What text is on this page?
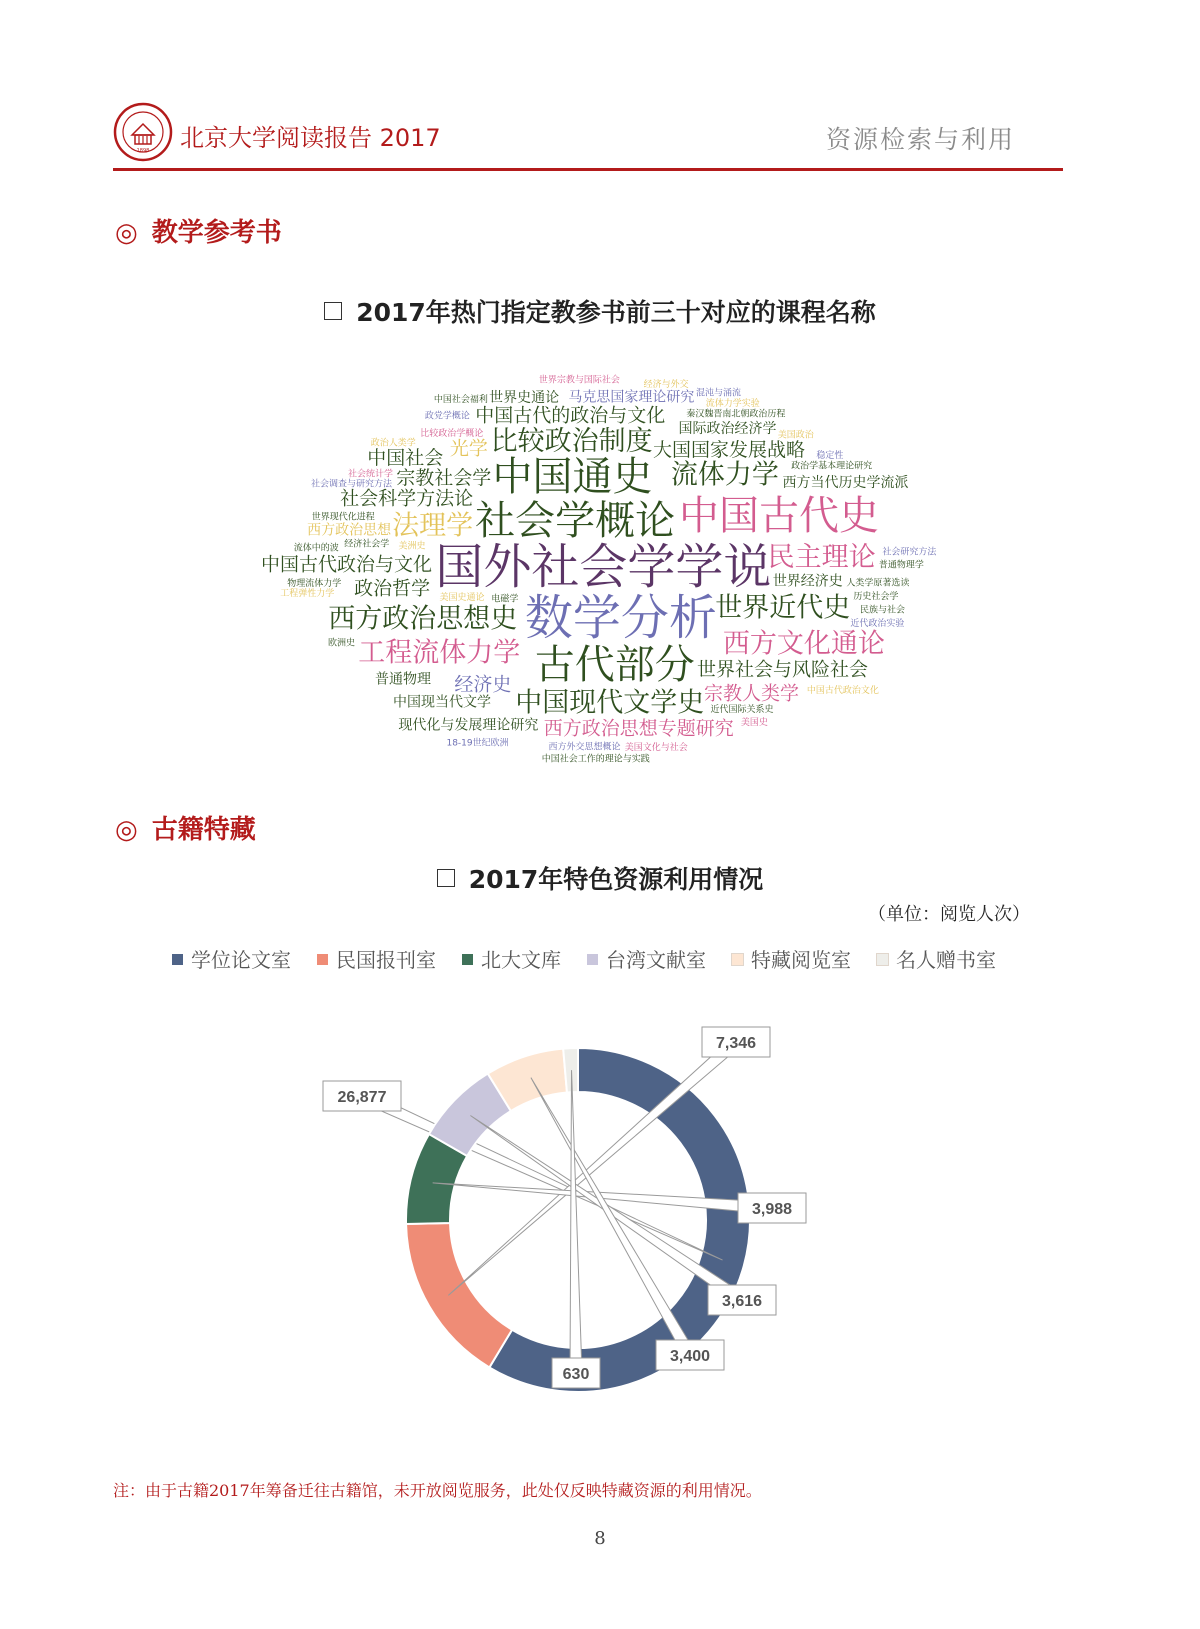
1898 北京大学阅读报告 2017	资源检索与利用
◎ 教学参考书
2017年热门指定教参书前三十对应的课程名称
国外社会学学说
数学分析
社会学概论
中国通史
古代部分
中国古代史
西方政治思想史
流体力学
世界近代史
比较政治制度
法理学
工程流体力学
中国现代文学史
西方文化通论
民主理论
大国国家发展战略
社会科学方法论
中国古代的政治与文化
中国古代政治与文化
世界社会与风险社会
政治哲学
宗教社会学
经济史
光学
西方政治思想专题研究
宗教人类学
中国社会
世界经济史
国际政治经济学
西方政治思想
马克思国家理论研究
中国现当代文学
西方当代历史学流派
普通物理
现代化与发展理论研究
世界史通论
美国史通论
经济社会学
秦汉魏晋南北朝政治历程
世界现代化进程
人类学原著选读
美洲史
比较政治学概论
政治学基本理论研究
近代国际关系史
西方外交思想概论
历史社会学
社会调查与研究方法
物理流体力学
社会统计学
流体中的波
政党学概论
世界宗教与国际社会
美国文化与社会
电磁学
稳定性
民族与社会
政治人类学
18-19世纪欧洲
流体力学实验
工程弹性力学
美国史
近代政治实验
欧洲史
混沌与涌流
美国政治
普通物理学
经济与外交
中国社会工作的理论与实践
中国古代政治文化
中国社会福利
社会研究方法
◎ 古籍特藏
2017年特色资源利用情况
（单位：阅览人次）
学位论文室 民国报刊室 北大文库 台湾文献室 特藏阅览室 名人赠书室
26,877
7,346
3,988
3,616
3,400
630
注：由于古籍2017年筹备迁往古籍馆，未开放阅览服务，此处仅反映特藏资源的利用情况。
8
